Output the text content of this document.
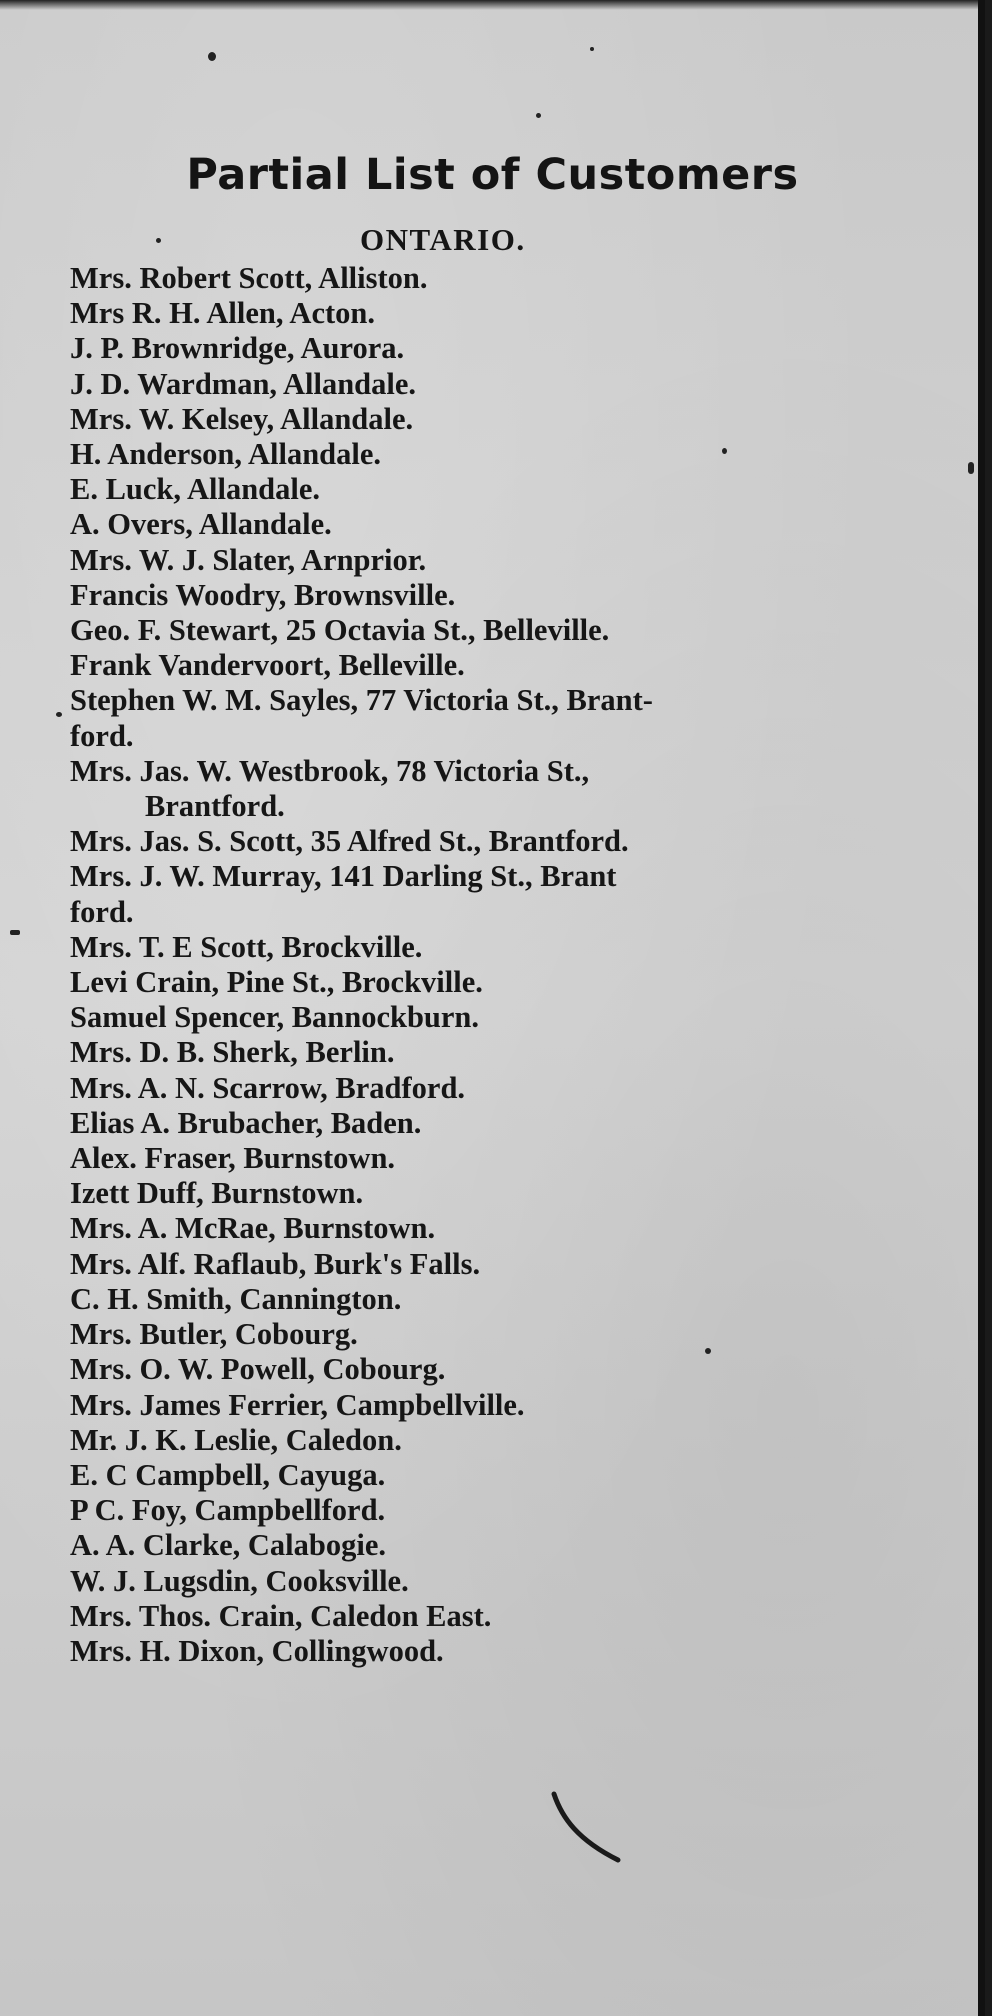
Partial List of Customers
ONTARIO.
Mrs. Robert Scott, Alliston.
Mrs R. H. Allen, Acton.
J. P. Brownridge, Aurora.
J. D. Wardman, Allandale.
Mrs. W. Kelsey, Allandale.
H. Anderson, Allandale.
E. Luck, Allandale.
A. Overs, Allandale.
Mrs. W. J. Slater, Arnprior.
Francis Woodry, Brownsville.
Geo. F. Stewart, 25 Octavia St., Belleville.
Frank Vandervoort, Belleville.
Stephen W. M. Sayles, 77 Victoria St., Brant-
ford.
Mrs. Jas. W. Westbrook, 78 Victoria St.,
Brantford.
Mrs. Jas. S. Scott, 35 Alfred St., Brantford.
Mrs. J. W. Murray, 141 Darling St., Brant
ford.
Mrs. T. E Scott, Brockville.
Levi Crain, Pine St., Brockville.
Samuel Spencer, Bannockburn.
Mrs. D. B. Sherk, Berlin.
Mrs. A. N. Scarrow, Bradford.
Elias A. Brubacher, Baden.
Alex. Fraser, Burnstown.
Izett Duff, Burnstown.
Mrs. A. McRae, Burnstown.
Mrs. Alf. Raflaub, Burk's Falls.
C. H. Smith, Cannington.
Mrs. Butler, Cobourg.
Mrs. O. W. Powell, Cobourg.
Mrs. James Ferrier, Campbellville.
Mr. J. K. Leslie, Caledon.
E. C Campbell, Cayuga.
P C. Foy, Campbellford.
A. A. Clarke, Calabogie.
W. J. Lugsdin, Cooksville.
Mrs. Thos. Crain, Caledon East.
Mrs. H. Dixon, Collingwood.
